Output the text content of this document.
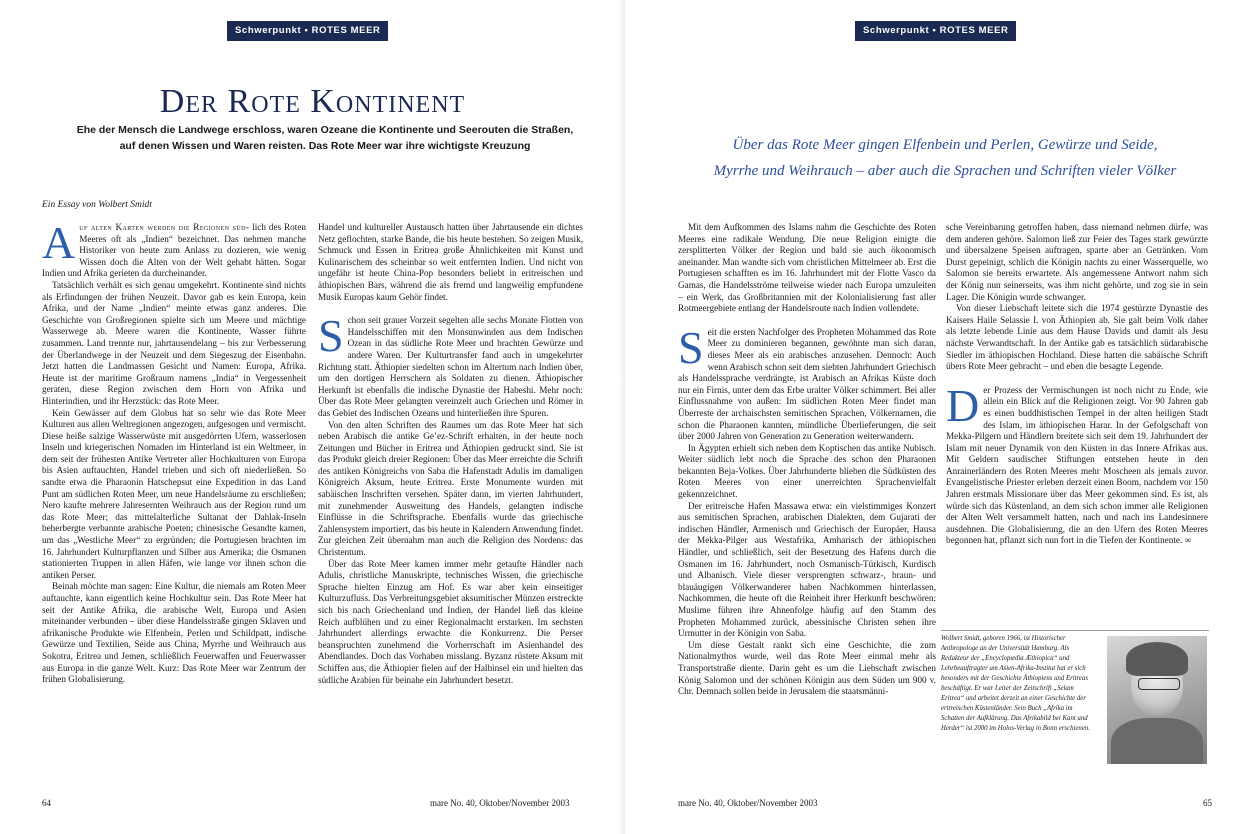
Schwerpunkt • ROTES MEER
Der Rote Kontinent
Ehe der Mensch die Landwege erschloss, waren Ozeane die Kontinente und Seerouten die Straßen,
auf denen Wissen und Waren reisten. Das Rote Meer war ihre wichtigste Kreuzung
Ein Essay von Wolbert Smidt

Auf alten Karten werden die Regionen süd- lich des Roten Meeres oft als „Indien“ bezeichnet. Das nehmen manche Historiker von heute zum Anlass zu dozieren, wie wenig Wissen doch die Alten von der Welt gehabt hätten. Sogar Indien und Afrika gerieten da durcheinander.

Tatsächlich verhält es sich genau umgekehrt. Kontinente sind nichts als Erfindungen der frühen Neuzeit. Davor gab es kein Europa, kein Afrika, und der Name „Indien“ meinte etwas ganz anderes. Die Geschichte von Großregionen spielte sich um Meere und mächtige Wasserwege ab. Meere waren die Kontinente, Wasser führte zusammen. Land trennte nur, jahrtausendelang – bis zur Verbesserung der Überlandwege in der Neuzeit und dem Siegeszug der Eisenbahn. Jetzt hatten die Landmassen Gesicht und Namen: Europa, Afrika. Heute ist der maritime Großraum namens „India“ in Vergessenheit geraten, diese Region zwischen dem Horn von Afrika und Hinterindien, und ihr Herzstück: das Rote Meer.

Kein Gewässer auf dem Globus hat so sehr wie das Rote Meer Kulturen aus allen Weltregionen angezogen, aufgesogen und vermischt. Diese heiße salzige Wasserwüste mit ausgedörrten Ufern, wasserlosen Inseln und kriegerischen Nomaden im Hinterland ist ein Weltmeer, in dem seit der frühesten Antike Vertreter aller Hochkulturen von Europa bis Asien auftauchten, Handel trieben und sich oft niederließen. So sandte etwa die Pharaonin Hatschepsut eine Expedition in das Land Punt am südlichen Roten Meer, um neue Handelsräume zu erschließen; Nero kaufte mehrere Jahresernten Weihrauch aus der Region rund um das Rote Meer; das mittelalterliche Sultanat der Dahlak-Inseln beherbergte verbannte arabische Poeten; chinesische Gesandte kamen, um das „Westliche Meer“ zu ergründen; die Portugiesen brachten im 16. Jahrhundert Kulturpflanzen und Silber aus Amerika; die Osmanen stationierten Truppen in allen Häfen, wie lange vor ihnen schon die antiken Perser.

Beinah möchte man sagen: Eine Kultur, die niemals am Roten Meer auftauchte, kann eigentlich keine Hochkultur sein. Das Rote Meer hat seit der Antike Afrika, die arabische Welt, Europa und Asien miteinander verbunden – über diese Handelsstraße gingen Sklaven und afrikanische Produkte wie Elfenbein, Perlen und Schildpatt, indische Gewürze und Textilien, Seide aus China, Myrrhe und Weihrauch aus Sokotra, Eritrea und Jemen, schließlich Feuerwaffen und Feuerwasser aus Europa in die ganze Welt. Kurz: Das Rote Meer war Zentrum der frühen Globalisierung.

Handel und kultureller Austausch hatten über Jahrtausende ein dichtes Netz geflochten, starke Bande, die bis heute bestehen. So zeigen Musik, Schmuck und Essen in Eritrea große Ähnlichkeiten mit Kunst und Kulinarischem des scheinbar so weit entfernten Indien. Und nicht von ungefähr ist heute China-Pop besonders beliebt in eritreischen und äthiopischen Bars, während die als fremd und langweilig empfundene Musik Europas kaum Gehör findet.

Schon seit grauer Vorzeit segelten alle sechs Monate Flotten von Handelsschiffen mit den Monsunwinden aus dem Indischen Ozean in das südliche Rote Meer und brachten Gewürze und andere Waren. Der Kulturtransfer fand auch in umgekehrter Richtung statt. Äthiopier siedelten schon im Altertum nach Indien über, um den dortigen Herrschern als Soldaten zu dienen. Äthiopischer Herkunft ist ebenfalls die indische Dynastie der Habeshi. Mehr noch: Über das Rote Meer gelangten vereinzelt auch Griechen und Römer in das Gebiet des Indischen Ozeans und hinterließen ihre Spuren.

Von den alten Schriften des Raumes um das Rote Meer hat sich neben Arabisch die antike Ge’ez-Schrift erhalten, in der heute noch Zeitungen und Bücher in Eritrea und Äthiopien gedruckt sind. Sie ist das Produkt gleich dreier Regionen: Über das Meer erreichte die Schrift des antiken Königreichs von Saba die Hafenstadt Adulis im damaligen Königreich Aksum, heute Eritrea. Erste Monumente wurden mit sabäischen Inschriften versehen. Später dann, im vierten Jahrhundert, mit zunehmender Ausweitung des Handels, gelangten indische Einflüsse in die Schriftsprache. Ebenfalls wurde das griechische Zahlensystem importiert, das bis heute in Kalendern Anwendung findet. Zur gleichen Zeit übernahm man auch die Religion des Nordens: das Christentum.

Über das Rote Meer kamen immer mehr getaufte Händler nach Adulis, christliche Manuskripte, technisches Wissen, die griechische Sprache hielten Einzug am Hof. Es war aber kein einseitiger Kulturzufluss. Das Verbreitungsgebiet aksumitischer Münzen erstreckte sich bis nach Griechenland und Indien, der Handel ließ das kleine Reich aufblühen und zu einer Regionalmacht erstarken. Im sechsten Jahrhundert allerdings erwachte die Konkurrenz. Die Perser beanspruchten zunehmend die Vorherrschaft im Asienhandel des Abendlandes. Doch das Vorhaben misslang. Byzanz rüstete Aksum mit Schiffen aus, die Äthiopier fielen auf der Halbinsel ein und hielten das südliche Arabien für beinahe ein Jahrhundert besetzt.

64	mare No. 40, Oktober/November 2003
Schwerpunkt • ROTES MEER
Über das Rote Meer gingen Elfenbein und Perlen, Gewürze und Seide,
Myrrhe und Weihrauch – aber auch die Sprachen und Schriften vieler Völker

Mit dem Aufkommen des Islams nahm die Geschichte des Roten Meeres eine radikale Wendung. Die neue Religion einigte die zersplitterten Völker der Region und bald sie auch ökonomisch aneinander. Man wandte sich vom christlichen Mittelmeer ab. Erst die Portugiesen schafften es im 16. Jahrhundert mit der Flotte Vasco da Gamas, die Handelsströme teilweise wieder nach Europa umzuleiten – ein Werk, das Großbritannien mit der Kolonialisierung fast aller Rotmeergebiete entlang der Handelsroute nach Indien vollendete.

Seit die ersten Nachfolger des Propheten Mohammed das Rote Meer zu dominieren begannen, gewöhnte man sich daran, dieses Meer als ein arabisches anzusehen. Dennoch: Auch wenn Arabisch schon seit dem siebten Jahrhundert Griechisch als Handelssprache verdrängte, ist Arabisch an Afrikas Küste doch nur ein Firnis, unter dem das Erbe uralter Völker schimmert. Bei aller Einflussnahme von außen: Im südlichen Roten Meer findet man Überreste der archaischsten semitischen Sprachen, Völkernamen, die schon die Pharaonen kannten, mündliche Überlieferungen, die seit über 2000 Jahren von Generation zu Generation weiterwandern.

In Ägypten erhielt sich neben dem Koptischen das antike Nubisch. Weiter südlich lebt noch die Sprache des schon den Pharaonen bekannten Beja-Volkes. Über Jahrhunderte blieben die Südküsten des Roten Meeres von einer unerreichten Sprachenvielfalt gekennzeichnet.

Der eritreische Hafen Massawa etwa: ein vielstimmiges Konzert aus semitischen Sprachen, arabischen Dialekten, dem Gujarati der indischen Händler, Armenisch und Griechisch der Europäer, Hausa der Mekka-Pilger aus Westafrika, Amharisch der äthiopischen Händler, und schließlich, seit der Besetzung des Hafens durch die Osmanen im 16. Jahrhundert, noch Osmanisch-Türkisch, Kurdisch und Albanisch. Viele dieser versprengten schwarz-, braun- und blauäugigen Völkerwanderer haben Nachkommen hinterlassen, Nachkommen, die heute oft die Reinheit ihrer Herkunft beschwören: Muslime führen ihre Ahnenfolge häufig auf den Stamm des Propheten Mohammed zurück, abessinische Christen sehen ihre Urmutter in der Königin von Saba.

Um diese Gestalt rankt sich eine Geschichte, die zum Nationalmythos wurde, weil das Rote Meer einmal mehr als Transportstraße diente. Darin geht es um die Liebschaft zwischen König Salomon und der schönen Königin aus dem Süden um 900 v. Chr. Demnach sollen beide in Jerusalem die staatsmänni-

sche Vereinbarung getroffen haben, dass niemand nehmen dürfe, was dem anderen gehöre. Salomon ließ zur Feier des Tages stark gewürzte und übersalzene Speisen auftragen, sparte aber an Getränken. Vom Durst gepeinigt, schlich die Königin nachts zu einer Wasserquelle, wo Salomon sie bereits erwartete. Als angemessene Antwort nahm sich der König nun seinerseits, was ihm nicht gehörte, und zog sie in sein Lager. Die Königin wurde schwanger.

Von dieser Liebschaft leitete sich die 1974 gestürzte Dynastie des Kaisers Haile Selassie I. von Äthiopien ab. Sie galt beim Volk daher als letzte lebende Linie aus dem Hause Davids und damit als Jesu nächste Verwandtschaft. In der Antike gab es tatsächlich südarabische Siedler im äthiopischen Hochland. Diese hatten die sabäische Schrift übers Rote Meer gebracht – und eben die besagte Legende.

Der Prozess der Vermischungen ist noch nicht zu Ende, wie allein ein Blick auf die Religionen zeigt. Vor 90 Jahren gab es einen buddhistischen Tempel in der alten heiligen Stadt des Islam, im äthiopischen Harar. In der Gefolgschaft von Mekka-Pilgern und Händlern breitete sich seit dem 19. Jahrhundert der Islam mit neuer Dynamik von den Küsten in das Innere Afrikas aus. Mit Geldern saudischer Stiftungen entstehen heute in den Anrainerländern des Roten Meeres mehr Moscheen als jemals zuvor. Evangelistische Priester erleben derzeit einen Boom, nachdem vor 150 Jahren erstmals Missionare über das Meer gekommen sind. Es ist, als würde sich das Küstenland, an dem sich schon immer alle Religionen der Alten Welt versammelt hatten, nach und nach ins Landesinnere ausdehnen. Die Globalisierung, die an den Ufern des Roten Meeres begonnen hat, pflanzt sich nun fort in die Tiefen der Kontinente. ∞

Wolbert Smidt, geboren 1966, ist Historischer Anthropologe an der Universität Hamburg. Als Redakteur der „Encyclopædia Æthiopica“ und Lehrbeauftragter am Asien-Afrika-Institut hat er sich besonders mit der Geschichte Äthiopiens und Eritreas beschäftigt. Er war Leiter der Zeitschrift „Selam Eritrea“ und arbeitet derzeit an einer Geschichte der eritreischen Küstenländer. Sein Buch „Afrika im Schatten der Aufklärung. Das Afrikabild bei Kant und Herder“ ist 2000 im Holos-Verlag in Bonn erschienen.
mare No. 40, Oktober/November 2003	65
